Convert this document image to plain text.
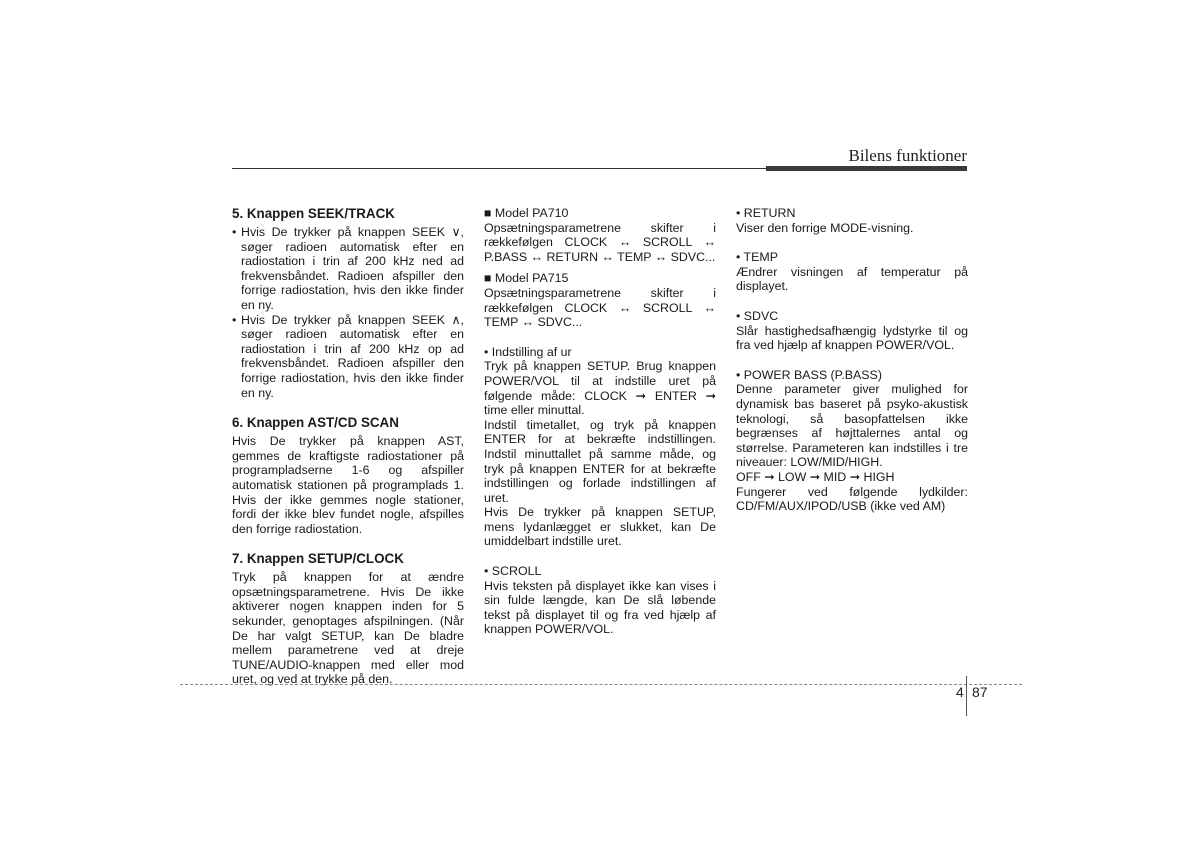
Bilens funktioner
5. Knappen SEEK/TRACK
• Hvis De trykker på knappen SEEK ∨, søger radioen automatisk efter en radiostation i trin af 200 kHz ned ad frekvensbåndet. Radioen afspiller den forrige radiostation, hvis den ikke finder en ny.
• Hvis De trykker på knappen SEEK ∧, søger radioen automatisk efter en radiostation i trin af 200 kHz op ad frekvensbåndet. Radioen afspiller den forrige radiostation, hvis den ikke finder en ny.
6. Knappen AST/CD SCAN

Hvis De trykker på knappen AST, gemmes de kraftigste radiostationer på programpladserne 1-6 og afspiller automatisk stationen på programplads 1. Hvis der ikke gemmes nogle stationer, fordi der ikke blev fundet nogle, afspilles den forrige radiostation.

7. Knappen SETUP/CLOCK

Tryk på knappen for at ændre opsætningsparametrene. Hvis De ikke aktiverer nogen knappen inden for 5 sekunder, genoptages afspilningen. (Når De har valgt SETUP, kan De bladre mellem parametrene ved at dreje TUNE/AUDIO-knappen med eller mod uret, og ved at trykke på den.

■ Model PA710

Opsætningsparametrene skifter i rækkefølgen CLOCK ↔ SCROLL ↔ P.BASS ↔ RETURN ↔ TEMP ↔ SDVC...

■ Model PA715

Opsætningsparametrene skifter i rækkefølgen CLOCK ↔ SCROLL ↔ TEMP ↔ SDVC...

• Indstilling af ur

Tryk på knappen SETUP. Brug knappen POWER/VOL til at indstille uret på følgende måde: CLOCK ➞ ENTER ➞ time eller minuttal.

Indstil timetallet, og tryk på knappen ENTER for at bekræfte indstillingen. Indstil minuttallet på samme måde, og tryk på knappen ENTER for at bekræfte indstillingen og forlade indstillingen af uret.

Hvis De trykker på knappen SETUP, mens lydanlægget er slukket, kan De umiddelbart indstille uret.

• SCROLL

Hvis teksten på displayet ikke kan vises i sin fulde længde, kan De slå løbende tekst på displayet til og fra ved hjælp af knappen POWER/VOL.

• RETURN

Viser den forrige MODE-visning.

• TEMP

Ændrer visningen af temperatur på displayet.

• SDVC

Slår hastighedsafhængig lydstyrke til og fra ved hjælp af knappen POWER/VOL.

• POWER BASS (P.BASS)

Denne parameter giver mulighed for dynamisk bas baseret på psyko-akustisk teknologi, så basopfattelsen ikke begrænses af højttalernes antal og størrelse. Parameteren kan indstilles i tre niveauer: LOW/MID/HIGH.

OFF ➞ LOW ➞ MID ➞ HIGH

Fungerer ved følgende lydkilder: CD/FM/AUX/IPOD/USB (ikke ved AM)

4 87
